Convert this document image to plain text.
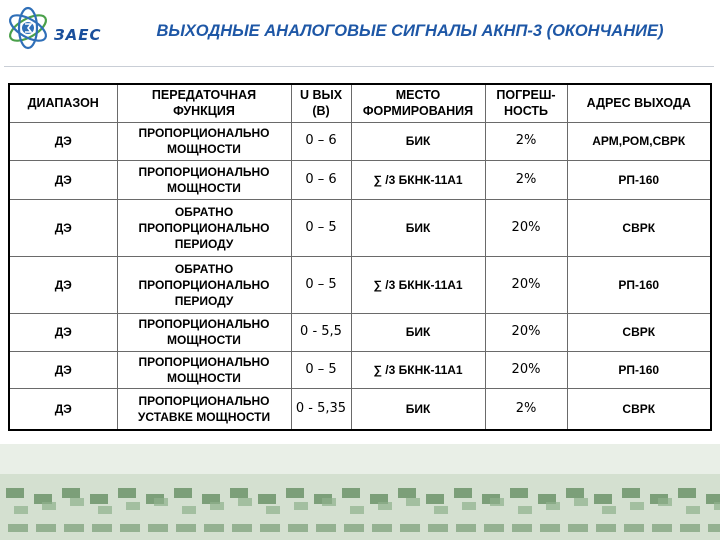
ЗАЕС	ВЫХОДНЫЕ АНАЛОГОВЫЕ СИГНАЛЫ АКНП-3 (ОКОНЧАНИЕ)
ДИАПАЗОН	ПЕРЕДАТОЧНАЯ ФУНКЦИЯ	U ВЫХ (В)	МЕСТО ФОРМИРОВАНИЯ	ПОГРЕШ-НОСТЬ	АДРЕС ВЫХОДА
ДЭ	ПРОПОРЦИОНАЛЬНО МОЩНОСТИ	0 – 6	БИК	2%	АРМ,РОМ,СВРК
ДЭ	ПРОПОРЦИОНАЛЬНО МОЩНОСТИ	0 – 6	∑ /3 БКНК-11А1	2%	РП-160
ДЭ	ОБРАТНО ПРОПОРЦИОНАЛЬНО ПЕРИОДУ	0 – 5	БИК	20%	СВРК
ДЭ	ОБРАТНО ПРОПОРЦИОНАЛЬНО ПЕРИОДУ	0 – 5	∑ /3 БКНК-11А1	20%	РП-160
ДЭ	ПРОПОРЦИОНАЛЬНО МОЩНОСТИ	0 - 5,5	БИК	20%	СВРК
ДЭ	ПРОПОРЦИОНАЛЬНО МОЩНОСТИ	0 – 5	∑ /3 БКНК-11А1	20%	РП-160
ДЭ	ПРОПОРЦИОНАЛЬНО УСТАВКЕ МОЩНОСТИ	0 - 5,35	БИК	2%	СВРК
